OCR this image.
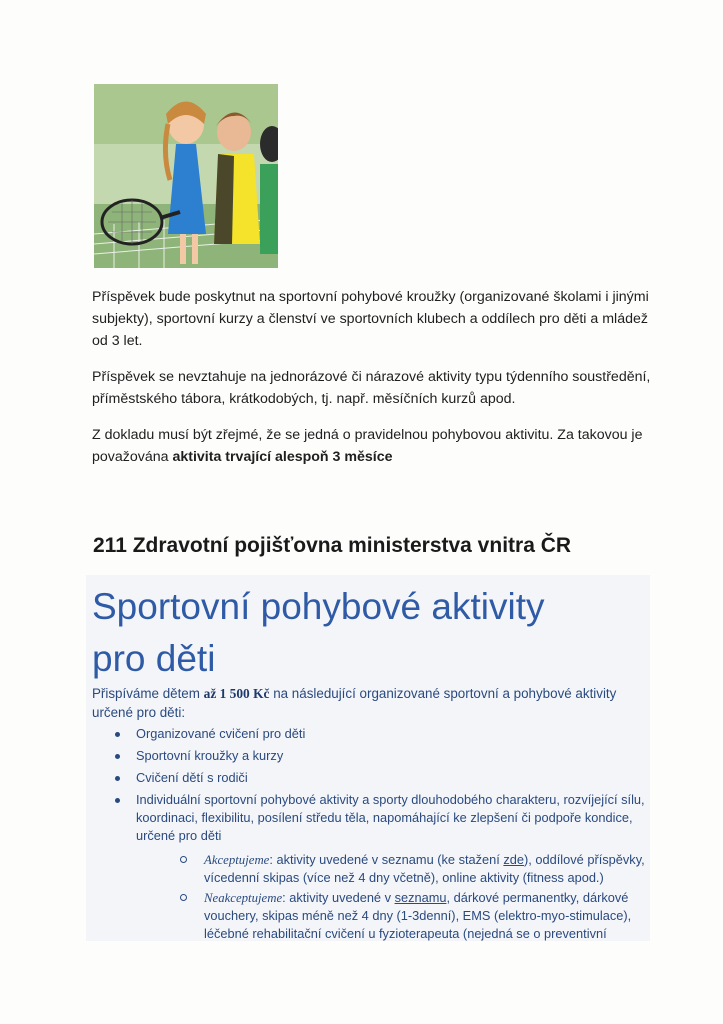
Příspěvek bude poskytnut na sportovní pohybové kroužky (organizované školami i jinými subjekty), sportovní kurzy a členství ve sportovních klubech a oddílech pro děti a mládež od 3 let.

Příspěvek se nevztahuje na jednorázové či nárazové aktivity typu týdenního soustředění, příměstského tábora, krátkodobých, tj. např. měsíčních kurzů apod.

Z dokladu musí být zřejmé, že se jedná o pravidelnou pohybovou aktivitu. Za takovou je považována aktivita trvající alespoň 3 měsíce

211 Zdravotní pojišťovna ministerstva vnitra ČR
Sportovní pohybové aktivity
pro děti
Přispíváme dětem až 1 500 Kč na následující organizované sportovní a pohybové aktivity určené pro děti:
Organizované cvičení pro děti
Sportovní kroužky a kurzy
Cvičení dětí s rodiči
Individuální sportovní pohybové aktivity a sporty dlouhodobého charakteru, rozvíjející sílu, koordinaci, flexibilitu, posílení středu těla, napomáhající ke zlepšení či podpoře kondice, určené pro děti
Akceptujeme: aktivity uvedené v seznamu (ke stažení zde), oddílové příspěvky, vícedenní skipas (více než 4 dny včetně), online aktivity (fitness apod.)
Neakceptujeme: aktivity uvedené v seznamu, dárkové permanentky, dárkové vouchery, skipas méně než 4 dny (1-3denní), EMS (elektro-myo-stimulace), léčebné rehabilitační cvičení u fyzioterapeuta (nejedná se o preventivní
